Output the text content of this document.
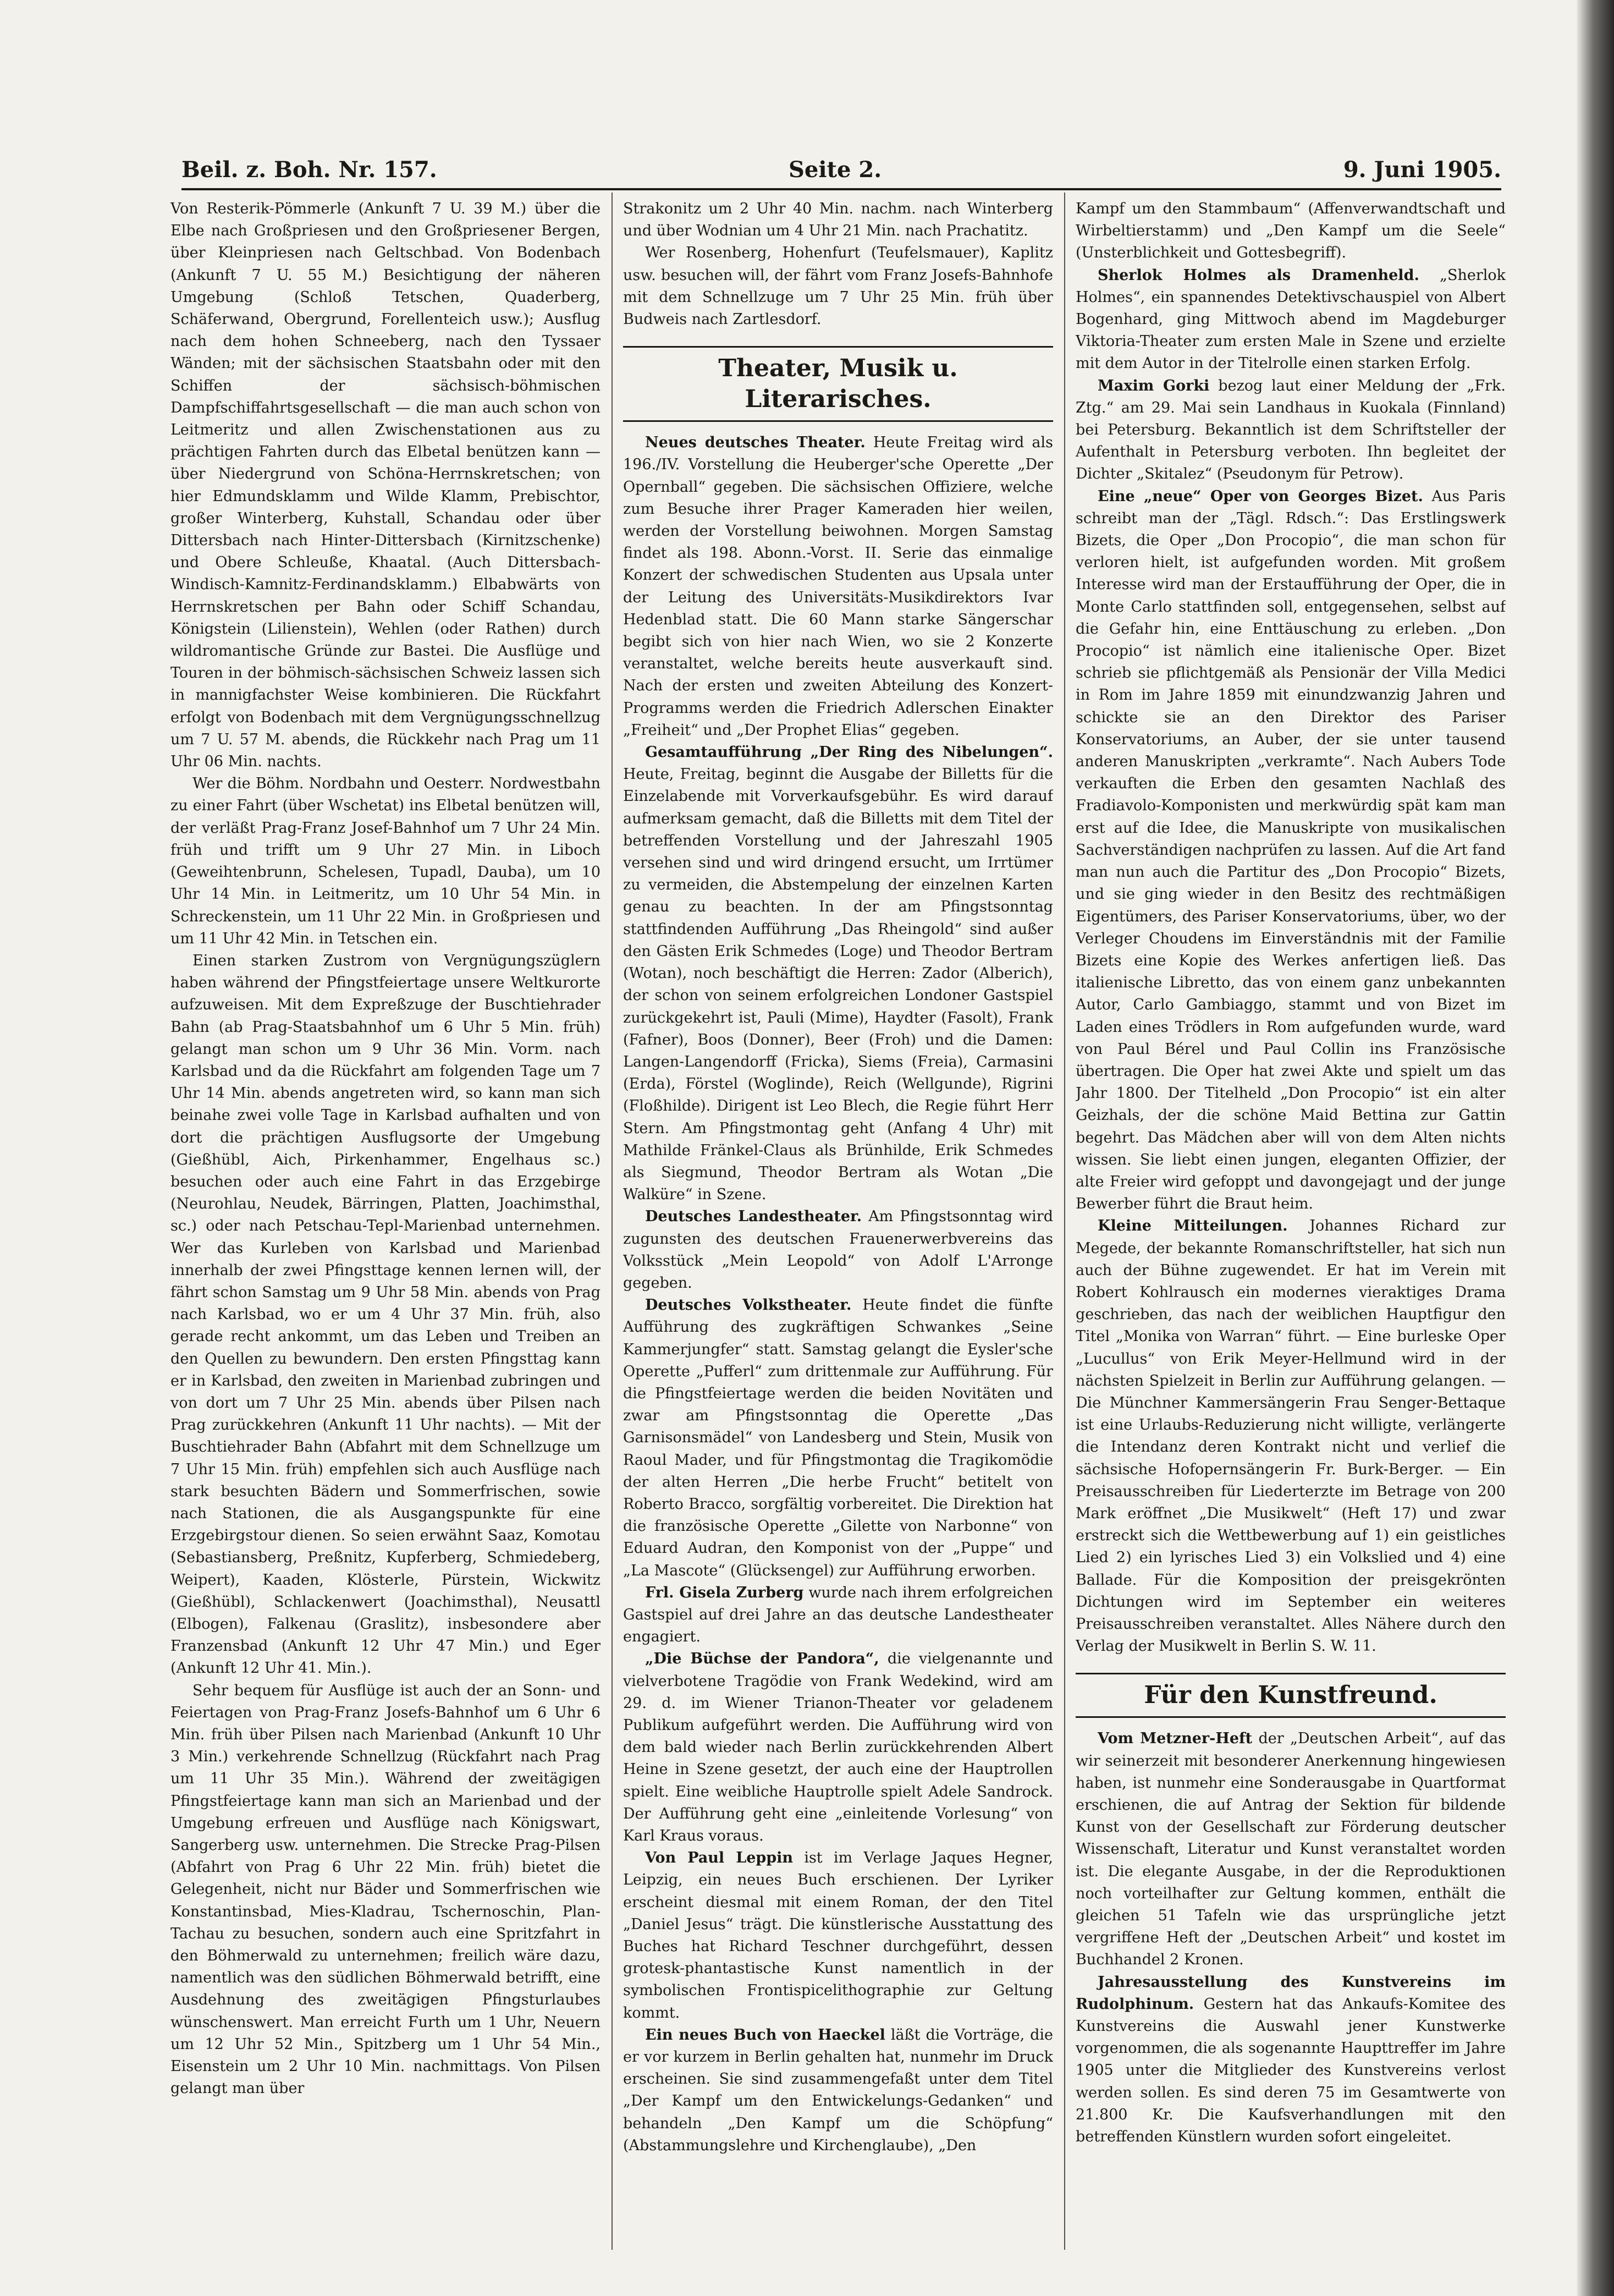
Beil. z. Boh. Nr. 157.	Seite 2.	9. Juni 1905.

Von Resterik-Pömmerle (Ankunft 7 U. 39 M.) über die Elbe nach Großpriesen und den Großpriesener Bergen, über Kleinpriesen nach Geltschbad. Von Bodenbach (Ankunft 7 U. 55 M.) Besichtigung der näheren Umgebung (Schloß Tetschen, Quaderberg, Schäferwand, Obergrund, Forellenteich usw.); Ausflug nach dem hohen Schneeberg, nach den Tyssaer Wänden; mit der sächsischen Staatsbahn oder mit den Schiffen der sächsisch-böhmischen Dampfschiffahrtsgesellschaft — die man auch schon von Leitmeritz und allen Zwischenstationen aus zu prächtigen Fahrten durch das Elbetal benützen kann — über Niedergrund von Schöna-Herrnskretschen; von hier Edmundsklamm und Wilde Klamm, Prebischtor, großer Winterberg, Kuhstall, Schandau oder über Dittersbach nach Hinter-Dittersbach (Kirnitzschenke) und Obere Schleuße, Khaatal. (Auch Dittersbach-Windisch-Kamnitz-Ferdinandsklamm.) Elbabwärts von Herrnskretschen per Bahn oder Schiff Schandau, Königstein (Lilienstein), Wehlen (oder Rathen) durch wildromantische Gründe zur Bastei. Die Ausflüge und Touren in der böhmisch-sächsischen Schweiz lassen sich in mannigfachster Weise kombinieren. Die Rückfahrt erfolgt von Bodenbach mit dem Vergnügungsschnellzug um 7 U. 57 M. abends, die Rückkehr nach Prag um 11 Uhr 06 Min. nachts.

Wer die Böhm. Nordbahn und Oesterr. Nordwestbahn zu einer Fahrt (über Wschetat) ins Elbetal benützen will, der verläßt Prag-Franz Josef-Bahnhof um 7 Uhr 24 Min. früh und trifft um 9 Uhr 27 Min. in Liboch (Geweihtenbrunn, Schelesen, Tupadl, Dauba), um 10 Uhr 14 Min. in Leitmeritz, um 10 Uhr 54 Min. in Schreckenstein, um 11 Uhr 22 Min. in Großpriesen und um 11 Uhr 42 Min. in Tetschen ein.

Einen starken Zustrom von Vergnügungszüglern haben während der Pfingstfeiertage unsere Weltkurorte aufzuweisen. Mit dem Expreßzuge der Buschtiehrader Bahn (ab Prag-Staatsbahnhof um 6 Uhr 5 Min. früh) gelangt man schon um 9 Uhr 36 Min. Vorm. nach Karlsbad und da die Rückfahrt am folgenden Tage um 7 Uhr 14 Min. abends angetreten wird, so kann man sich beinahe zwei volle Tage in Karlsbad aufhalten und von dort die prächtigen Ausflugsorte der Umgebung (Gießhübl, Aich, Pirkenhammer, Engelhaus sc.) besuchen oder auch eine Fahrt in das Erzgebirge (Neurohlau, Neudek, Bärringen, Platten, Joachimsthal, sc.) oder nach Petschau-Tepl-Marienbad unternehmen. Wer das Kurleben von Karlsbad und Marienbad innerhalb der zwei Pfingsttage kennen lernen will, der fährt schon Samstag um 9 Uhr 58 Min. abends von Prag nach Karlsbad, wo er um 4 Uhr 37 Min. früh, also gerade recht ankommt, um das Leben und Treiben an den Quellen zu bewundern. Den ersten Pfingsttag kann er in Karlsbad, den zweiten in Marienbad zubringen und von dort um 7 Uhr 25 Min. abends über Pilsen nach Prag zurückkehren (Ankunft 11 Uhr nachts). — Mit der Buschtiehrader Bahn (Abfahrt mit dem Schnellzuge um 7 Uhr 15 Min. früh) empfehlen sich auch Ausflüge nach stark besuchten Bädern und Sommerfrischen, sowie nach Stationen, die als Ausgangspunkte für eine Erzgebirgstour dienen. So seien erwähnt Saaz, Komotau (Sebastiansberg, Preßnitz, Kupferberg, Schmiedeberg, Weipert), Kaaden, Klösterle, Pürstein, Wickwitz (Gießhübl), Schlackenwert (Joachimsthal), Neusattl (Elbogen), Falkenau (Graslitz), insbesondere aber Franzensbad (Ankunft 12 Uhr 47 Min.) und Eger (Ankunft 12 Uhr 41. Min.).

Sehr bequem für Ausflüge ist auch der an Sonn- und Feiertagen von Prag-Franz Josefs-Bahnhof um 6 Uhr 6 Min. früh über Pilsen nach Marienbad (Ankunft 10 Uhr 3 Min.) verkehrende Schnellzug (Rückfahrt nach Prag um 11 Uhr 35 Min.). Während der zweitägigen Pfingstfeiertage kann man sich an Marienbad und der Umgebung erfreuen und Ausflüge nach Königswart, Sangerberg usw. unternehmen. Die Strecke Prag-Pilsen (Abfahrt von Prag 6 Uhr 22 Min. früh) bietet die Gelegenheit, nicht nur Bäder und Sommerfrischen wie Konstantinsbad, Mies-Kladrau, Tschernoschin, Plan-Tachau zu besuchen, sondern auch eine Spritzfahrt in den Böhmerwald zu unternehmen; freilich wäre dazu, namentlich was den südlichen Böhmerwald betrifft, eine Ausdehnung des zweitägigen Pfingsturlaubes wünschenswert. Man erreicht Furth um 1 Uhr, Neuern um 12 Uhr 52 Min., Spitzberg um 1 Uhr 54 Min., Eisenstein um 2 Uhr 10 Min. nachmittags. Von Pilsen gelangt man über

Strakonitz um 2 Uhr 40 Min. nachm. nach Winterberg und über Wodnian um 4 Uhr 21 Min. nach Prachatitz.

Wer Rosenberg, Hohenfurt (Teufelsmauer), Kaplitz usw. besuchen will, der fährt vom Franz Josefs-Bahnhofe mit dem Schnellzuge um 7 Uhr 25 Min. früh über Budweis nach Zartlesdorf.

Theater, Musik u. Literarisches.

Neues deutsches Theater. Heute Freitag wird als 196./IV. Vorstellung die Heuberger'sche Operette „Der Opernball“ gegeben. Die sächsischen Offiziere, welche zum Besuche ihrer Prager Kameraden hier weilen, werden der Vorstellung beiwohnen. Morgen Samstag findet als 198. Abonn.-Vorst. II. Serie das einmalige Konzert der schwedischen Studenten aus Upsala unter der Leitung des Universitäts-Musikdirektors Ivar Hedenblad statt. Die 60 Mann starke Sängerschar begibt sich von hier nach Wien, wo sie 2 Konzerte veranstaltet, welche bereits heute ausverkauft sind. Nach der ersten und zweiten Abteilung des Konzert-Programms werden die Friedrich Adlerschen Einakter „Freiheit“ und „Der Prophet Elias“ gegeben.

Gesamtaufführung „Der Ring des Nibelungen“. Heute, Freitag, beginnt die Ausgabe der Billetts für die Einzelabende mit Vorverkaufsgebühr. Es wird darauf aufmerksam gemacht, daß die Billetts mit dem Titel der betreffenden Vorstellung und der Jahreszahl 1905 versehen sind und wird dringend ersucht, um Irrtümer zu vermeiden, die Abstempelung der einzelnen Karten genau zu beachten. In der am Pfingstsonntag stattfindenden Aufführung „Das Rheingold“ sind außer den Gästen Erik Schmedes (Loge) und Theodor Bertram (Wotan), noch beschäftigt die Herren: Zador (Alberich), der schon von seinem erfolgreichen Londoner Gastspiel zurückgekehrt ist, Pauli (Mime), Haydter (Fasolt), Frank (Fafner), Boos (Donner), Beer (Froh) und die Damen: Langen-Langendorff (Fricka), Siems (Freia), Carmasini (Erda), Förstel (Woglinde), Reich (Wellgunde), Rigrini (Floßhilde). Dirigent ist Leo Blech, die Regie führt Herr Stern. Am Pfingstmontag geht (Anfang 4 Uhr) mit Mathilde Fränkel-Claus als Brünhilde, Erik Schmedes als Siegmund, Theodor Bertram als Wotan „Die Walküre“ in Szene.

Deutsches Landestheater. Am Pfingstsonntag wird zugunsten des deutschen Frauenerwerbvereins das Volksstück „Mein Leopold“ von Adolf L'Arronge gegeben.

Deutsches Volkstheater. Heute findet die fünfte Aufführung des zugkräftigen Schwankes „Seine Kammerjungfer“ statt. Samstag gelangt die Eysler'sche Operette „Pufferl“ zum drittenmale zur Aufführung. Für die Pfingstfeiertage werden die beiden Novitäten und zwar am Pfingstsonntag die Operette „Das Garnisonsmädel“ von Landesberg und Stein, Musik von Raoul Mader, und für Pfingstmontag die Tragikomödie der alten Herren „Die herbe Frucht“ betitelt von Roberto Bracco, sorgfältig vorbereitet. Die Direktion hat die französische Operette „Gilette von Narbonne“ von Eduard Audran, den Komponist von der „Puppe“ und „La Mascote“ (Glücksengel) zur Aufführung erworben.

Frl. Gisela Zurberg wurde nach ihrem erfolgreichen Gastspiel auf drei Jahre an das deutsche Landestheater engagiert.

„Die Büchse der Pandora“, die vielgenannte und vielverbotene Tragödie von Frank Wedekind, wird am 29. d. im Wiener Trianon-Theater vor geladenem Publikum aufgeführt werden. Die Aufführung wird von dem bald wieder nach Berlin zurückkehrenden Albert Heine in Szene gesetzt, der auch eine der Hauptrollen spielt. Eine weibliche Hauptrolle spielt Adele Sandrock. Der Aufführung geht eine „einleitende Vorlesung“ von Karl Kraus voraus.

Von Paul Leppin ist im Verlage Jaques Hegner, Leipzig, ein neues Buch erschienen. Der Lyriker erscheint diesmal mit einem Roman, der den Titel „Daniel Jesus“ trägt. Die künstlerische Ausstattung des Buches hat Richard Teschner durchgeführt, dessen grotesk-phantastische Kunst namentlich in der symbolischen Frontispicelithographie zur Geltung kommt.

Ein neues Buch von Haeckel läßt die Vorträge, die er vor kurzem in Berlin gehalten hat, nunmehr im Druck erscheinen. Sie sind zusammengefaßt unter dem Titel „Der Kampf um den Entwickelungs-Gedanken“ und behandeln „Den Kampf um die Schöpfung“ (Abstammungslehre und Kirchenglaube), „Den

Kampf um den Stammbaum“ (Affenverwandtschaft und Wirbeltierstamm) und „Den Kampf um die Seele“ (Unsterblichkeit und Gottesbegriff).

Sherlok Holmes als Dramenheld. „Sherlok Holmes“, ein spannendes Detektivschauspiel von Albert Bogenhard, ging Mittwoch abend im Magdeburger Viktoria-Theater zum ersten Male in Szene und erzielte mit dem Autor in der Titelrolle einen starken Erfolg.

Maxim Gorki bezog laut einer Meldung der „Frk. Ztg.“ am 29. Mai sein Landhaus in Kuokala (Finnland) bei Petersburg. Bekanntlich ist dem Schriftsteller der Aufenthalt in Petersburg verboten. Ihn begleitet der Dichter „Skitalez“ (Pseudonym für Petrow).

Eine „neue“ Oper von Georges Bizet. Aus Paris schreibt man der „Tägl. Rdsch.“: Das Erstlingswerk Bizets, die Oper „Don Procopio“, die man schon für verloren hielt, ist aufgefunden worden. Mit großem Interesse wird man der Erstaufführung der Oper, die in Monte Carlo stattfinden soll, entgegensehen, selbst auf die Gefahr hin, eine Enttäuschung zu erleben. „Don Procopio“ ist nämlich eine italienische Oper. Bizet schrieb sie pflichtgemäß als Pensionär der Villa Medici in Rom im Jahre 1859 mit einundzwanzig Jahren und schickte sie an den Direktor des Pariser Konservatoriums, an Auber, der sie unter tausend anderen Manuskripten „verkramte“. Nach Aubers Tode verkauften die Erben den gesamten Nachlaß des Fradiavolo-Komponisten und merkwürdig spät kam man erst auf die Idee, die Manuskripte von musikalischen Sachverständigen nachprüfen zu lassen. Auf die Art fand man nun auch die Partitur des „Don Procopio“ Bizets, und sie ging wieder in den Besitz des rechtmäßigen Eigentümers, des Pariser Konservatoriums, über, wo der Verleger Choudens im Einverständnis mit der Familie Bizets eine Kopie des Werkes anfertigen ließ. Das italienische Libretto, das von einem ganz unbekannten Autor, Carlo Gambiaggo, stammt und von Bizet im Laden eines Trödlers in Rom aufgefunden wurde, ward von Paul Bérel und Paul Collin ins Französische übertragen. Die Oper hat zwei Akte und spielt um das Jahr 1800. Der Titelheld „Don Procopio“ ist ein alter Geizhals, der die schöne Maid Bettina zur Gattin begehrt. Das Mädchen aber will von dem Alten nichts wissen. Sie liebt einen jungen, eleganten Offizier, der alte Freier wird gefoppt und davongejagt und der junge Bewerber führt die Braut heim.

Kleine Mitteilungen. Johannes Richard zur Megede, der bekannte Romanschriftsteller, hat sich nun auch der Bühne zugewendet. Er hat im Verein mit Robert Kohlrausch ein modernes vieraktiges Drama geschrieben, das nach der weiblichen Hauptfigur den Titel „Monika von Warran“ führt. — Eine burleske Oper „Lucullus“ von Erik Meyer-Hellmund wird in der nächsten Spielzeit in Berlin zur Aufführung gelangen. — Die Münchner Kammersängerin Frau Senger-Bettaque ist eine Urlaubs-Reduzierung nicht willigte, verlängerte die Intendanz deren Kontrakt nicht und verlief die sächsische Hofopernsängerin Fr. Burk-Berger. — Ein Preisausschreiben für Liederterzte im Betrage von 200 Mark eröffnet „Die Musikwelt“ (Heft 17) und zwar erstreckt sich die Wettbewerbung auf 1) ein geistliches Lied 2) ein lyrisches Lied 3) ein Volkslied und 4) eine Ballade. Für die Komposition der preisgekrönten Dichtungen wird im September ein weiteres Preisausschreiben veranstaltet. Alles Nähere durch den Verlag der Musikwelt in Berlin S. W. 11.

Für den Kunstfreund.

Vom Metzner-Heft der „Deutschen Arbeit“, auf das wir seinerzeit mit besonderer Anerkennung hingewiesen haben, ist nunmehr eine Sonderausgabe in Quartformat erschienen, die auf Antrag der Sektion für bildende Kunst von der Gesellschaft zur Förderung deutscher Wissenschaft, Literatur und Kunst veranstaltet worden ist. Die elegante Ausgabe, in der die Reproduktionen noch vorteilhafter zur Geltung kommen, enthält die gleichen 51 Tafeln wie das ursprüngliche jetzt vergriffene Heft der „Deutschen Arbeit“ und kostet im Buchhandel 2 Kronen.

Jahresausstellung des Kunstvereins im Rudolphinum. Gestern hat das Ankaufs-Komitee des Kunstvereins die Auswahl jener Kunstwerke vorgenommen, die als sogenannte Haupttreffer im Jahre 1905 unter die Mitglieder des Kunstvereins verlost werden sollen. Es sind deren 75 im Gesamtwerte von 21.800 Kr. Die Kaufsverhandlungen mit den betreffenden Künstlern wurden sofort eingeleitet.
